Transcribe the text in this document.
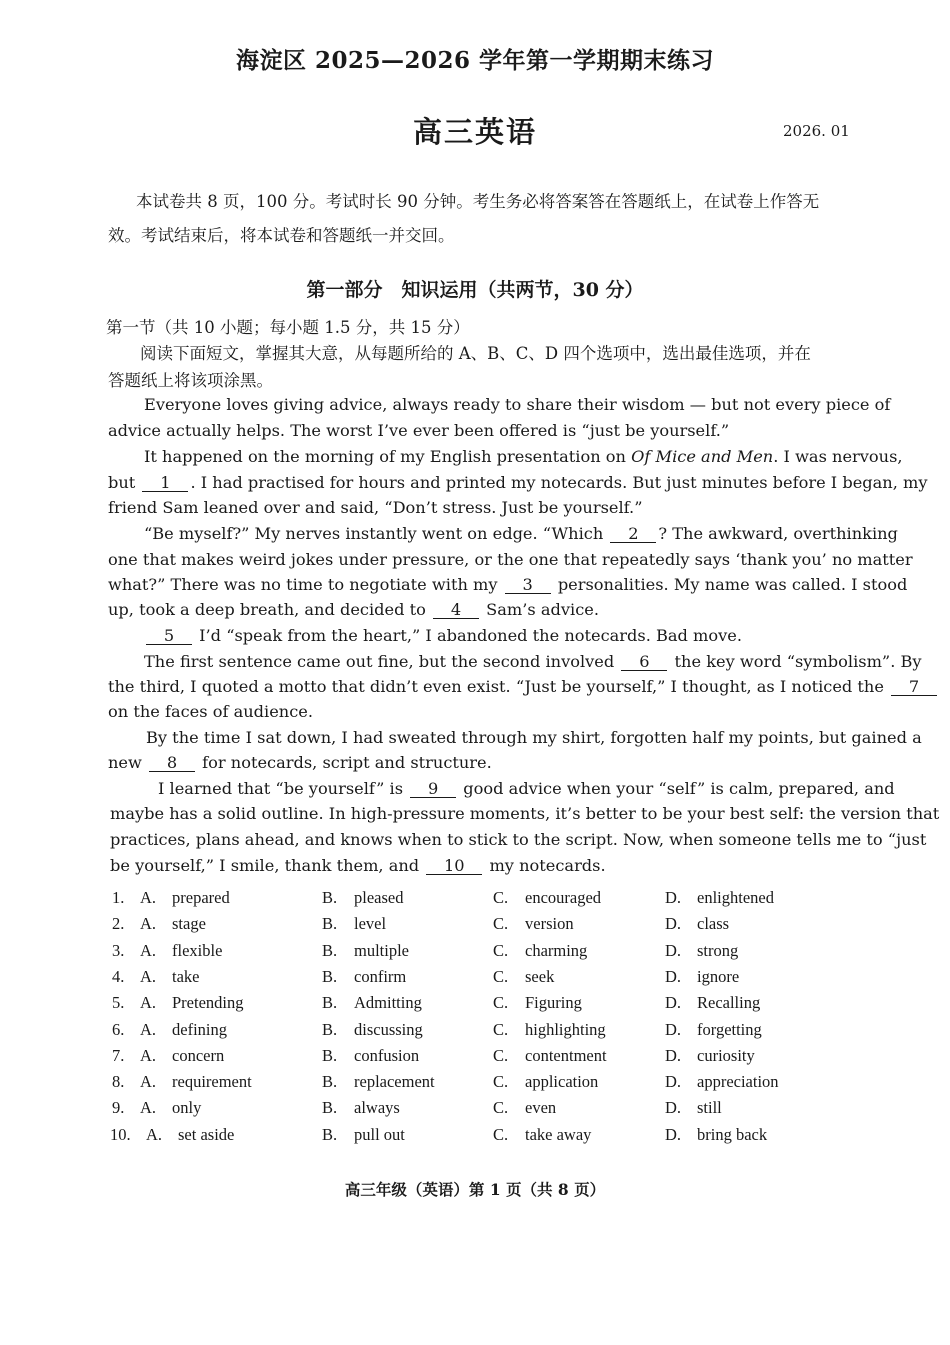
海淀区 2025—2026 学年第一学期期末练习
高三英语	2026. 01
本试卷共 8 页，100 分。考试时长 90 分钟。考生务必将答案答在答题纸上，在试卷上作答无
效。考试结束后，将本试卷和答题纸一并交回。
第一部分　知识运用（共两节，30 分）
第一节（共 10 小题；每小题 1.5 分，共 15 分）
阅读下面短文，掌握其大意，从每题所给的 A、B、C、D 四个选项中，选出最佳选项，并在
答题纸上将该项涂黑。
Everyone loves giving advice, always ready to share their wisdom — but not every piece of
advice actually helps. The worst I’ve ever been offered is “just be yourself.”
It happened on the morning of my English presentation on Of Mice and Men. I was nervous,
but 1 . I had practised for hours and printed my notecards. But just minutes before I began, my
friend Sam leaned over and said, “Don’t stress. Just be yourself.”
“Be myself?” My nerves instantly went on edge. “Which 2 ? The awkward, overthinking
one that makes weird jokes under pressure, or the one that repeatedly says ‘thank you’ no matter
what?” There was no time to negotiate with my 3 personalities. My name was called. I stood
up, took a deep breath, and decided to 4 Sam’s advice.
5 I’d “speak from the heart,” I abandoned the notecards. Bad move.
The first sentence came out fine, but the second involved 6 the key word “symbolism”. By
the third, I quoted a motto that didn’t even exist. “Just be yourself,” I thought, as I noticed the 7
on the faces of audience.
By the time I sat down, I had sweated through my shirt, forgotten half my points, but gained a
new 8 for notecards, script and structure.
I learned that “be yourself” is 9 good advice when your “self” is calm, prepared, and
maybe has a solid outline. In high-pressure moments, it’s better to be your best self: the version that
practices, plans ahead, and knows when to stick to the script. Now, when someone tells me to “just
be yourself,” I smile, thank them, and 10 my notecards.
1. A. prepared	B. pleased	C. encouraged	D. enlightened
2. A. stage	B. level	C. version	D. class
3. A. flexible	B. multiple	C. charming	D. strong
4. A. take	B. confirm	C. seek	D. ignore
5. A. Pretending	B. Admitting	C. Figuring	D. Recalling
6. A. defining	B. discussing	C. highlighting	D. forgetting
7. A. concern	B. confusion	C. contentment	D. curiosity
8. A. requirement	B. replacement	C. application	D. appreciation
9. A. only	B. always	C. even	D. still
10. A. set aside	B. pull out	C. take away	D. bring back
高三年级（英语）第 1 页（共 8 页）
